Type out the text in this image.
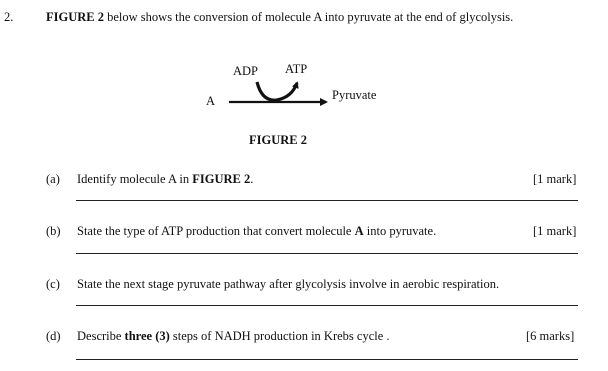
2.	FIGURE 2 below shows the conversion of molecule A into pyruvate at the end of glycolysis.
ADP ATP
A	Pyruvate
FIGURE 2
(a) Identify molecule A in FIGURE 2.	[1 mark]
(b) State the type of ATP production that convert molecule A into pyruvate.	[1 mark]
(c) State the next stage pyruvate pathway after glycolysis involve in aerobic respiration.
(d) Describe three (3) steps of NADH production in Krebs cycle .	[6 marks]
